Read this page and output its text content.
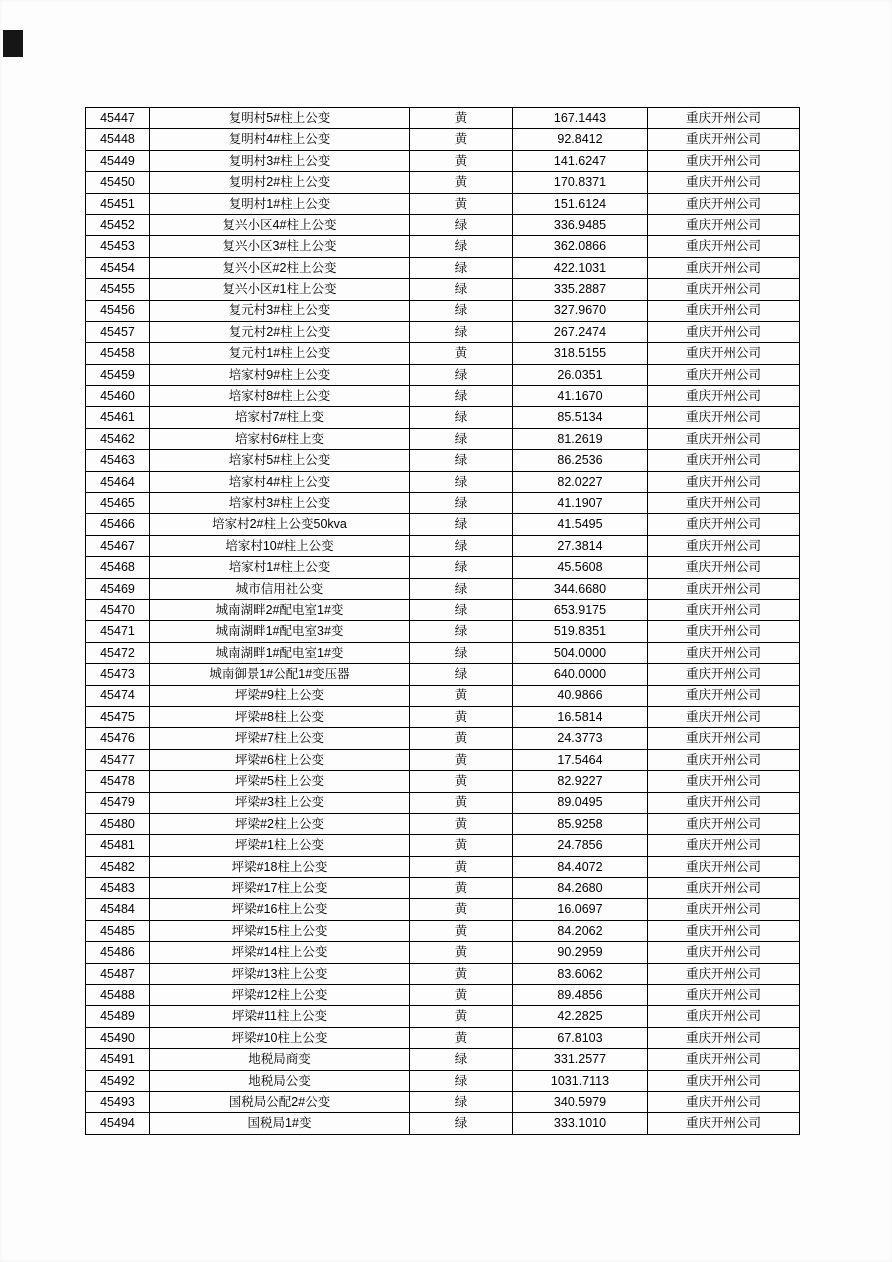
45447	复明村5#柱上公变	黄	167.1443	重庆开州公司
45448	复明村4#柱上公变	黄	92.8412	重庆开州公司
45449	复明村3#柱上公变	黄	141.6247	重庆开州公司
45450	复明村2#柱上公变	黄	170.8371	重庆开州公司
45451	复明村1#柱上公变	黄	151.6124	重庆开州公司
45452	复兴小区4#柱上公变	绿	336.9485	重庆开州公司
45453	复兴小区3#柱上公变	绿	362.0866	重庆开州公司
45454	复兴小区#2柱上公变	绿	422.1031	重庆开州公司
45455	复兴小区#1柱上公变	绿	335.2887	重庆开州公司
45456	复元村3#柱上公变	绿	327.9670	重庆开州公司
45457	复元村2#柱上公变	绿	267.2474	重庆开州公司
45458	复元村1#柱上公变	黄	318.5155	重庆开州公司
45459	培家村9#柱上公变	绿	26.0351	重庆开州公司
45460	培家村8#柱上公变	绿	41.1670	重庆开州公司
45461	培家村7#柱上变	绿	85.5134	重庆开州公司
45462	培家村6#柱上变	绿	81.2619	重庆开州公司
45463	培家村5#柱上公变	绿	86.2536	重庆开州公司
45464	培家村4#柱上公变	绿	82.0227	重庆开州公司
45465	培家村3#柱上公变	绿	41.1907	重庆开州公司
45466	培家村2#柱上公变50kva	绿	41.5495	重庆开州公司
45467	培家村10#柱上公变	绿	27.3814	重庆开州公司
45468	培家村1#柱上公变	绿	45.5608	重庆开州公司
45469	城市信用社公变	绿	344.6680	重庆开州公司
45470	城南湖畔2#配电室1#变	绿	653.9175	重庆开州公司
45471	城南湖畔1#配电室3#变	绿	519.8351	重庆开州公司
45472	城南湖畔1#配电室1#变	绿	504.0000	重庆开州公司
45473	城南御景1#公配1#变压器	绿	640.0000	重庆开州公司
45474	坪梁#9柱上公变	黄	40.9866	重庆开州公司
45475	坪梁#8柱上公变	黄	16.5814	重庆开州公司
45476	坪梁#7柱上公变	黄	24.3773	重庆开州公司
45477	坪梁#6柱上公变	黄	17.5464	重庆开州公司
45478	坪梁#5柱上公变	黄	82.9227	重庆开州公司
45479	坪梁#3柱上公变	黄	89.0495	重庆开州公司
45480	坪梁#2柱上公变	黄	85.9258	重庆开州公司
45481	坪梁#1柱上公变	黄	24.7856	重庆开州公司
45482	坪梁#18柱上公变	黄	84.4072	重庆开州公司
45483	坪梁#17柱上公变	黄	84.2680	重庆开州公司
45484	坪梁#16柱上公变	黄	16.0697	重庆开州公司
45485	坪梁#15柱上公变	黄	84.2062	重庆开州公司
45486	坪梁#14柱上公变	黄	90.2959	重庆开州公司
45487	坪梁#13柱上公变	黄	83.6062	重庆开州公司
45488	坪梁#12柱上公变	黄	89.4856	重庆开州公司
45489	坪梁#11柱上公变	黄	42.2825	重庆开州公司
45490	坪梁#10柱上公变	黄	67.8103	重庆开州公司
45491	地税局商变	绿	331.2577	重庆开州公司
45492	地税局公变	绿	1031.7113	重庆开州公司
45493	国税局公配2#公变	绿	340.5979	重庆开州公司
45494	国税局1#变	绿	333.1010	重庆开州公司
